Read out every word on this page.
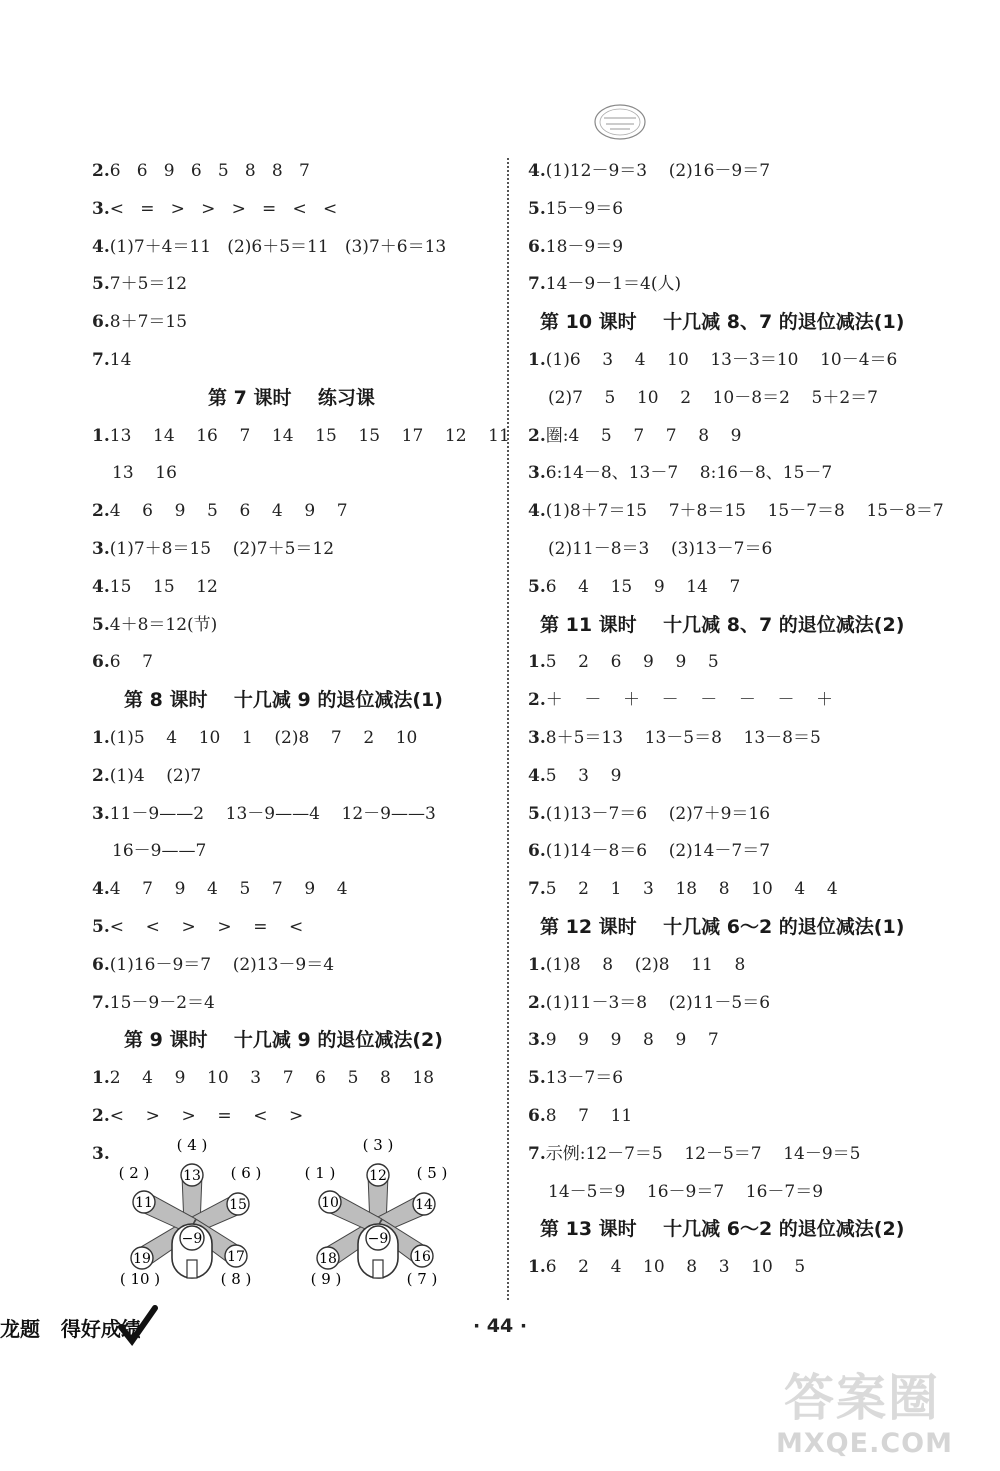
2.6   6   9   6   5   8   8   7
3.<   =   >   >   >   =   <   <
4.(1)7＋4＝11   (2)6＋5＝11   (3)7＋6＝13
5.7＋5＝12
6.8＋7＝15
7.14
第 7 课时    练习课
1.13    14    16    7    14    15    15    17    12    11
13    16
2.4    6    9    5    6    4    9    7
3.(1)7＋8＝15    (2)7＋5＝12
4.15    15    12
5.4＋8＝12(节)
6.6    7
第 8 课时    十几减 9 的退位减法(1)
1.(1)5    4    10    1    (2)8    7    2    10
2.(1)4    (2)7
3.11－9——2    13－9——4    12－9——3
16－9——7
4.4    7    9    4    5    7    9    4
5.<    <    >    >    =    <
6.(1)16－9＝7    (2)13－9＝4
7.15－9－2＝4
第 9 课时    十几减 9 的退位减法(2)
1.2    4    9    10    3    7    6    5    8    18
2.<    >    >    =    <    >
3.
4.(1)12－9＝3    (2)16－9＝7
5.15－9＝6
6.18－9＝9
7.14－9－1＝4(人)
第 10 课时    十几减 8、7 的退位减法(1)
1.(1)6    3    4    10    13－3＝10    10－4＝6
(2)7    5    10    2    10－8＝2    5＋2＝7
2.圈:4    5    7    7    8    9
3.6:14－8、13－7    8:16－8、15－7
4.(1)8＋7＝15    7＋8＝15    15－7＝8    15－8＝7
(2)11－8＝3    (3)13－7＝6
5.6    4    15    9    14    7
第 11 课时    十几减 8、7 的退位减法(2)
1.5    2    6    9    9    5
2.＋    －    ＋    －    －    －    －    ＋
3.8＋5＝13    13－5＝8    13－8＝5
4.5    3    9
5.(1)13－7＝6    (2)7＋9＝16
6.(1)14－8＝6    (2)14－7＝7
7.5    2    1    3    18    8    10    4    4
第 12 课时    十几减 6～2 的退位减法(1)
1.(1)8    8    (2)8    11    8
2.(1)11－3＝8    (2)11－5＝6
3.9    9    9    8    9    7
5.13－7＝6
6.8    7    11
7.示例:12－7＝5    12－5＝7    14－9＝5
14－5＝9    16－9＝7    16－7＝9
第 13 课时    十几减 6～2 的退位减法(2)
1.6    2    4    10    8    3    10    5
−9
13
( 4 )
15
( 6 )
17
( 8 )
19
( 10 )
11
( 2 )
−9
12
( 3 )
14
( 5 )
16
( 7 )
18
( 9 )
10
( 1 )
龙题   得好成绩	· 44 ·
答案圈
MXQE.COM
